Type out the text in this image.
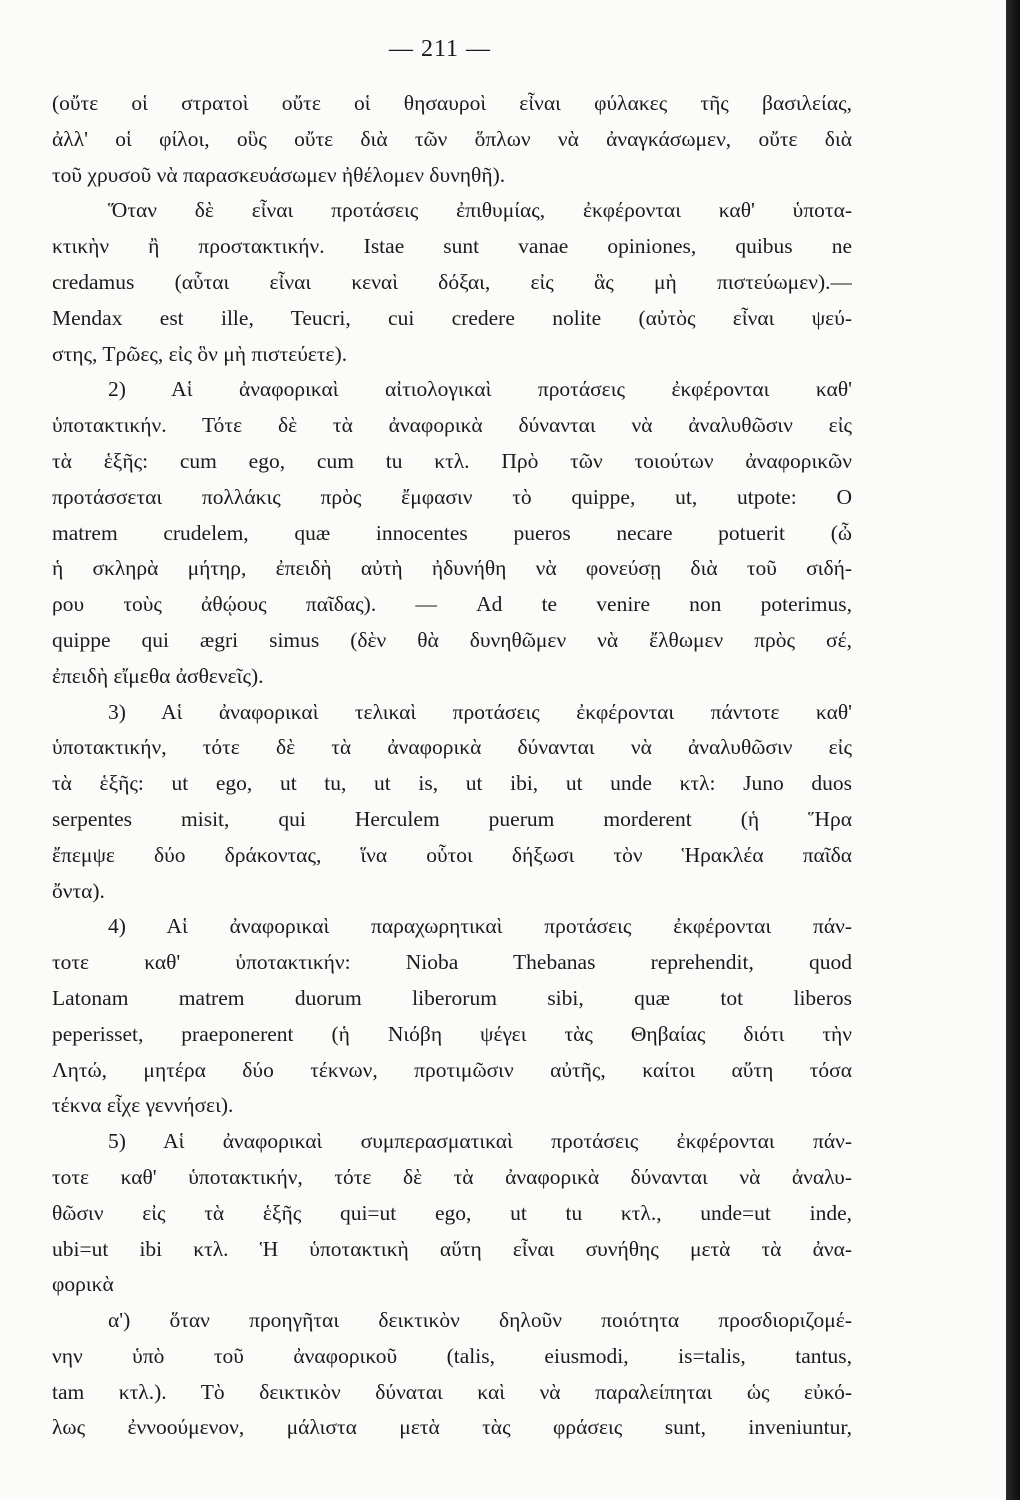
— 211 —
(οὔτε οἱ στρατοὶ οὔτε οἱ θησαυροὶ εἶναι φύλακες τῆς βασιλείας,
ἀλλ' οἱ φίλοι, οὓς οὔτε διὰ τῶν ὅπλων νὰ ἀναγκάσωμεν, οὔτε διὰ
τοῦ χρυσοῦ νὰ παρασκευάσωμεν ἠθέλομεν δυνηθῆ).
Ὅταν δὲ εἶναι προτάσεις ἐπιθυμίας, ἐκφέρονται καθ' ὑποτα-
κτικὴν ἢ προστακτικήν. Istae sunt vanae opiniones, quibus ne
credamus (αὗται εἶναι κεναὶ δόξαι, εἰς ἃς μὴ πιστεύωμεν).—
Mendax est ille, Teucri, cui credere nolite (αὐτὸς εἶναι ψεύ-
στης, Τρῶες, εἰς ὃν μὴ πιστεύετε).
2) Αἱ ἀναφορικαὶ αἰτιολογικαὶ προτάσεις ἐκφέρονται καθ'
ὑποτακτικήν. Τότε δὲ τὰ ἀναφορικὰ δύνανται νὰ ἀναλυθῶσιν εἰς
τὰ ἑξῆς: cum ego, cum tu κτλ. Πρὸ τῶν τοιούτων ἀναφορικῶν
προτάσσεται πολλάκις πρὸς ἔμφασιν τὸ quippe, ut, utpote: O
matrem crudelem, quæ innocentes pueros necare potuerit (ὦ
ἡ σκληρὰ μήτηρ, ἐπειδὴ αὐτὴ ἠδυνήθη νὰ φονεύσῃ διὰ τοῦ σιδή-
ρου τοὺς ἀθῴους παῖδας). — Ad te venire non poterimus,
quippe qui ægri simus (δὲν θὰ δυνηθῶμεν νὰ ἔλθωμεν πρὸς σέ,
ἐπειδὴ εἴμεθα ἀσθενεῖς).
3) Αἱ ἀναφορικαὶ τελικαὶ προτάσεις ἐκφέρονται πάντοτε καθ'
ὑποτακτικήν, τότε δὲ τὰ ἀναφορικὰ δύνανται νὰ ἀναλυθῶσιν εἰς
τὰ ἑξῆς: ut ego, ut tu, ut is, ut ibi, ut unde κτλ: Juno duos
serpentes misit, qui Herculem puerum morderent (ἡ Ἥρα
ἔπεμψε δύο δράκοντας, ἵνα οὗτοι δήξωσι τὸν Ἡρακλέα παῖδα
ὄντα).
4) Αἱ ἀναφορικαὶ παραχωρητικαὶ προτάσεις ἐκφέρονται πάν-
τοτε καθ' ὑποτακτικήν: Nioba Thebanas reprehendit, quod
Latonam matrem duorum liberorum sibi, quæ tot liberos
peperisset, praeponerent (ἡ Νιόβη ψέγει τὰς Θηβαίας διότι τὴν
Λητώ, μητέρα δύο τέκνων, προτιμῶσιν αὐτῆς, καίτοι αὕτη τόσα
τέκνα εἶχε γεννήσει).
5) Αἱ ἀναφορικαὶ συμπερασματικαὶ προτάσεις ἐκφέρονται πάν-
τοτε καθ' ὑποτακτικήν, τότε δὲ τὰ ἀναφορικὰ δύνανται νὰ ἀναλυ-
θῶσιν εἰς τὰ ἑξῆς qui=ut ego, ut tu κτλ., unde=ut inde,
ubi=ut ibi κτλ. Ἡ ὑποτακτικὴ αὕτη εἶναι συνήθης μετὰ τὰ ἀνα-
φορικὰ
α') ὅταν προηγῆται δεικτικὸν δηλοῦν ποιότητα προσδιοριζομέ-
νην ὑπὸ τοῦ ἀναφορικοῦ (talis, eiusmodi, is=talis, tantus,
tam κτλ.). Τὸ δεικτικὸν δύναται καὶ νὰ παραλείπηται ὡς εὐκό-
λως ἐννοούμενον, μάλιστα μετὰ τὰς φράσεις sunt, inveniuntur,
